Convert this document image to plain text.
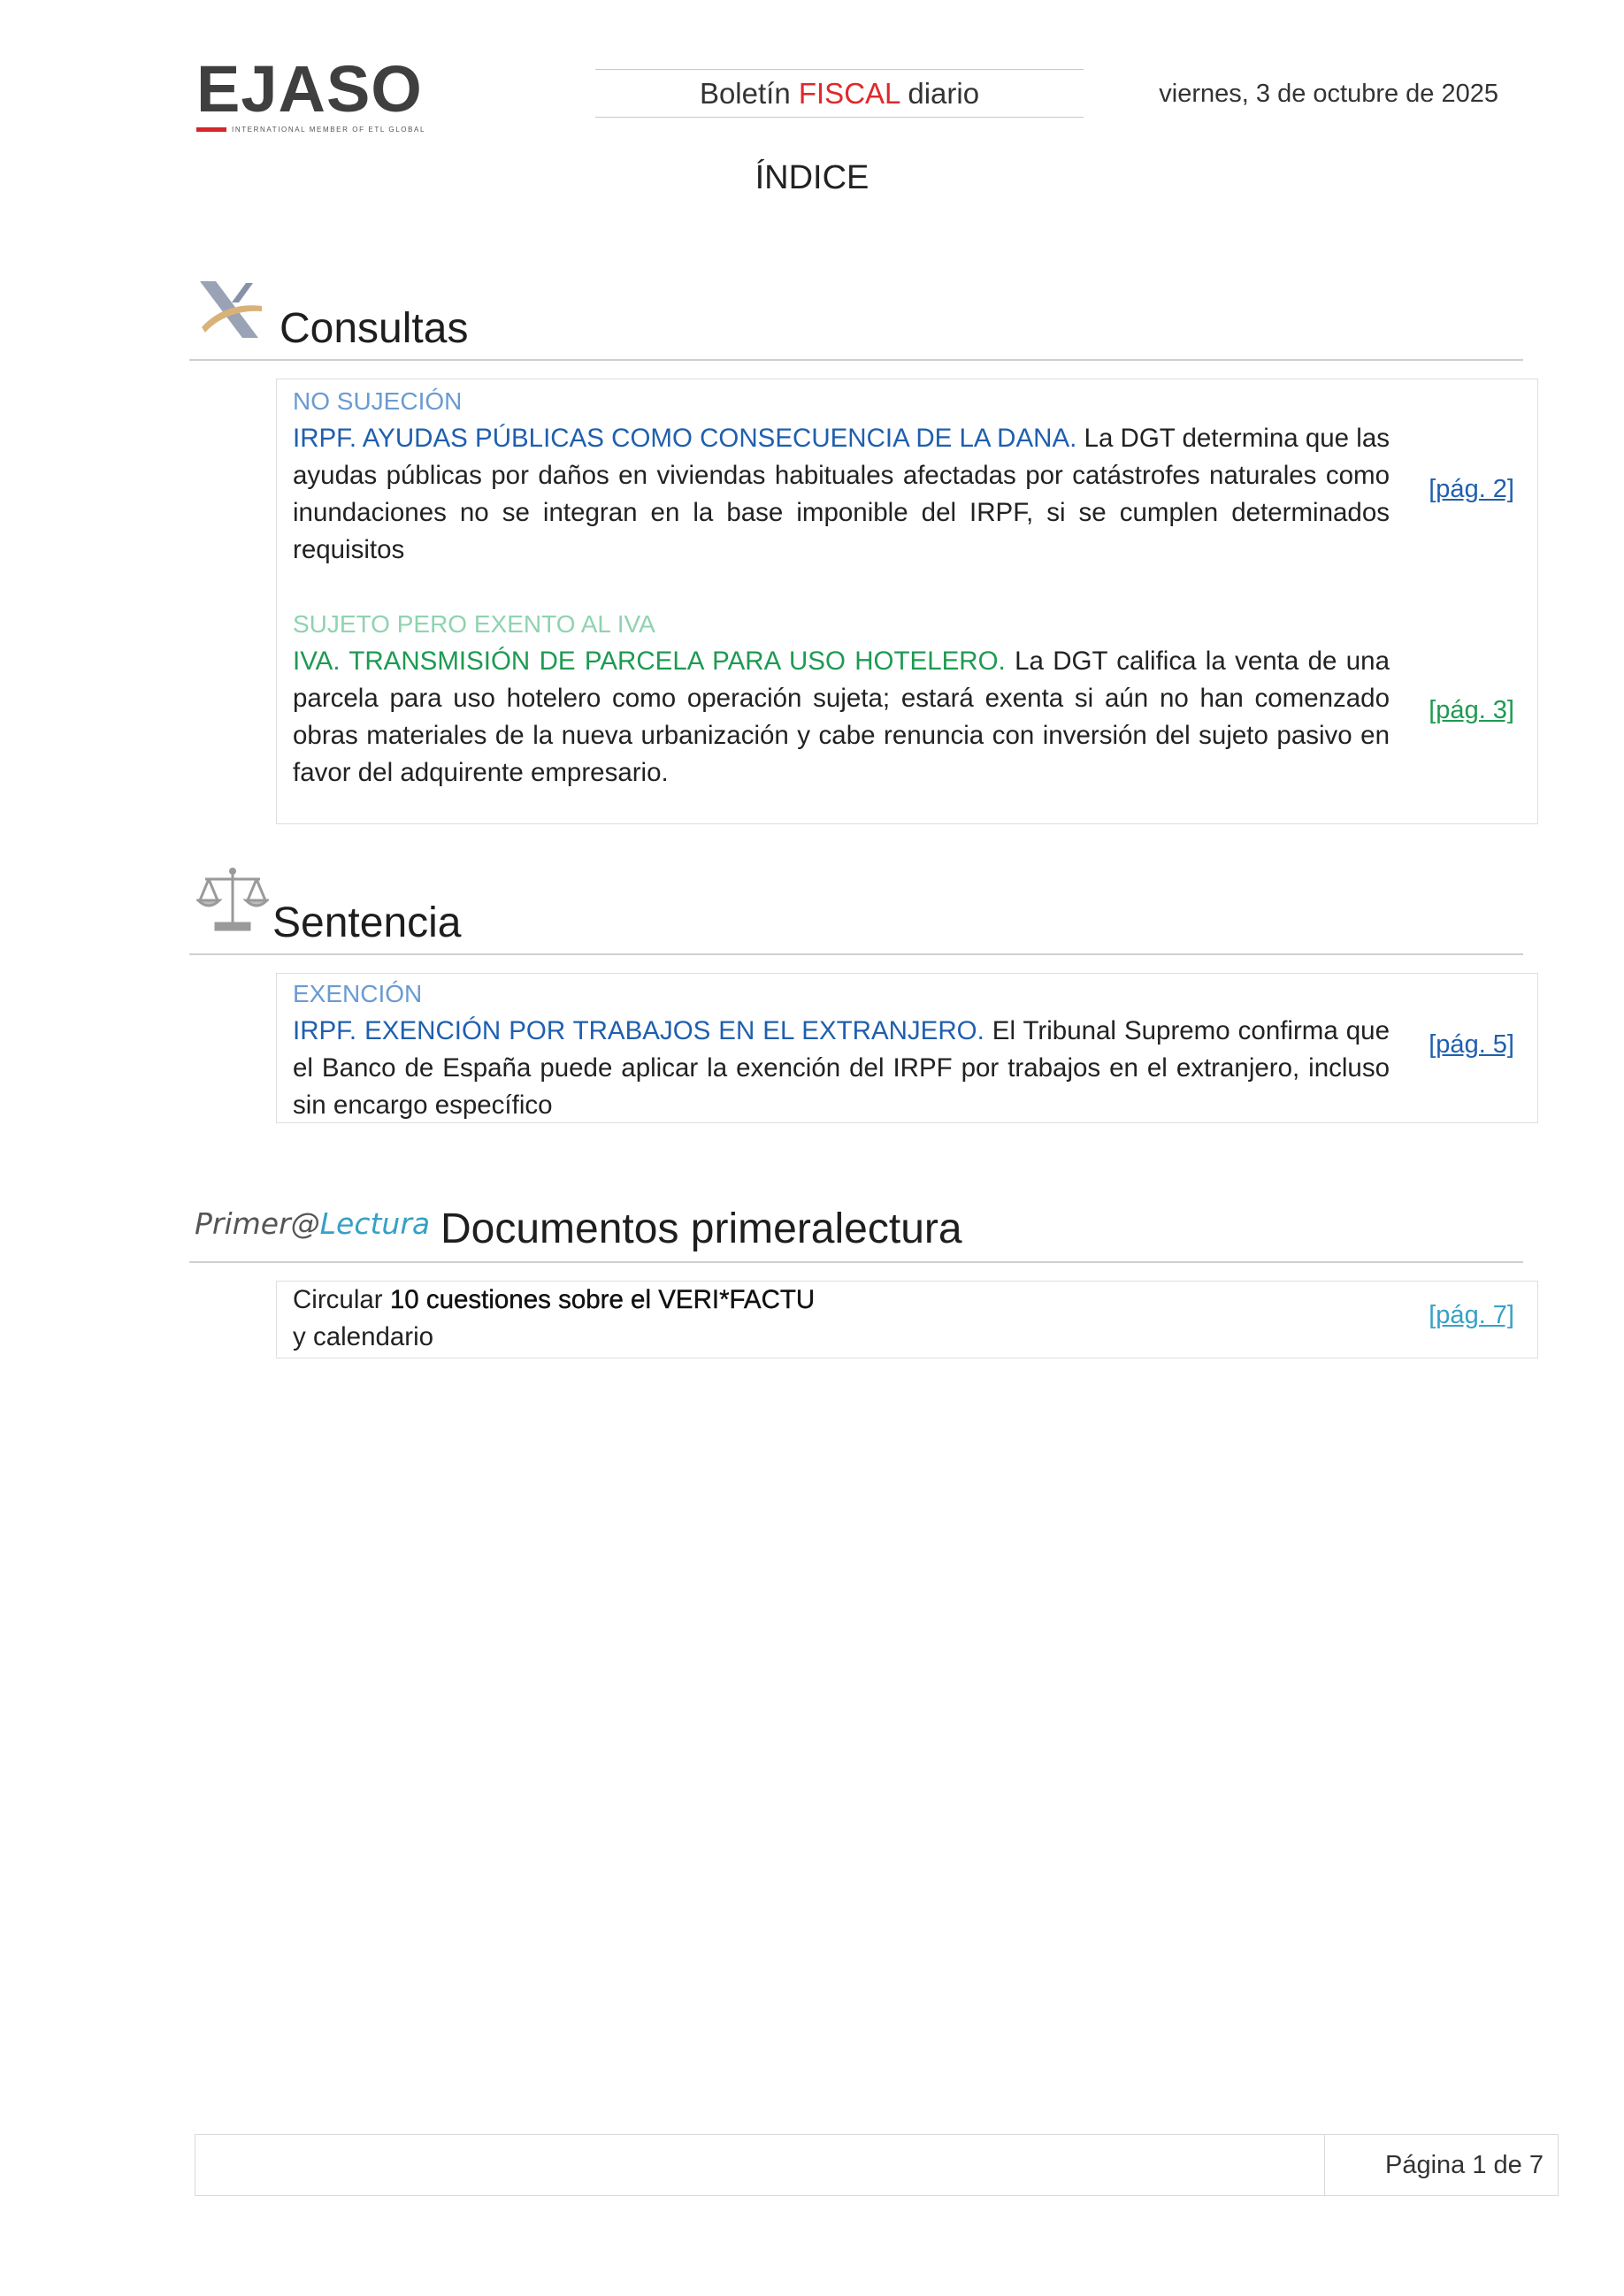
EJASO
INTERNATIONAL MEMBER OF ETL GLOBAL
Boletín FISCAL diario	viernes, 3 de octubre de 2025
ÍNDICE
Consultas
NO SUJECIÓN
IRPF. AYUDAS PÚBLICAS COMO CONSECUENCIA DE LA DANA. La DGT determina que las ayudas públicas por daños en viviendas habituales afectadas por catástrofes naturales como inundaciones no se integran en la base imponible del IRPF, si se cumplen determinados requisitos
[pág. 2]
SUJETO PERO EXENTO AL IVA
IVA. TRANSMISIÓN DE PARCELA PARA USO HOTELERO. La DGT califica la venta de una parcela para uso hotelero como operación sujeta; estará exenta si aún no han comenzado obras materiales de la nueva urbanización y cabe renuncia con inversión del sujeto pasivo en favor del adquirente empresario.
[pág. 3]
Sentencia
EXENCIÓN
IRPF. EXENCIÓN POR TRABAJOS EN EL EXTRANJERO. El Tribunal Supremo confirma que el Banco de España puede aplicar la exención del IRPF por trabajos en el extranjero, incluso sin encargo específico
[pág. 5]
Primer@Lectura Documentos primeralectura
Circular 10 cuestiones sobre el VERI*FACTU
y calendario
[pág. 7]
Página 1 de 7
